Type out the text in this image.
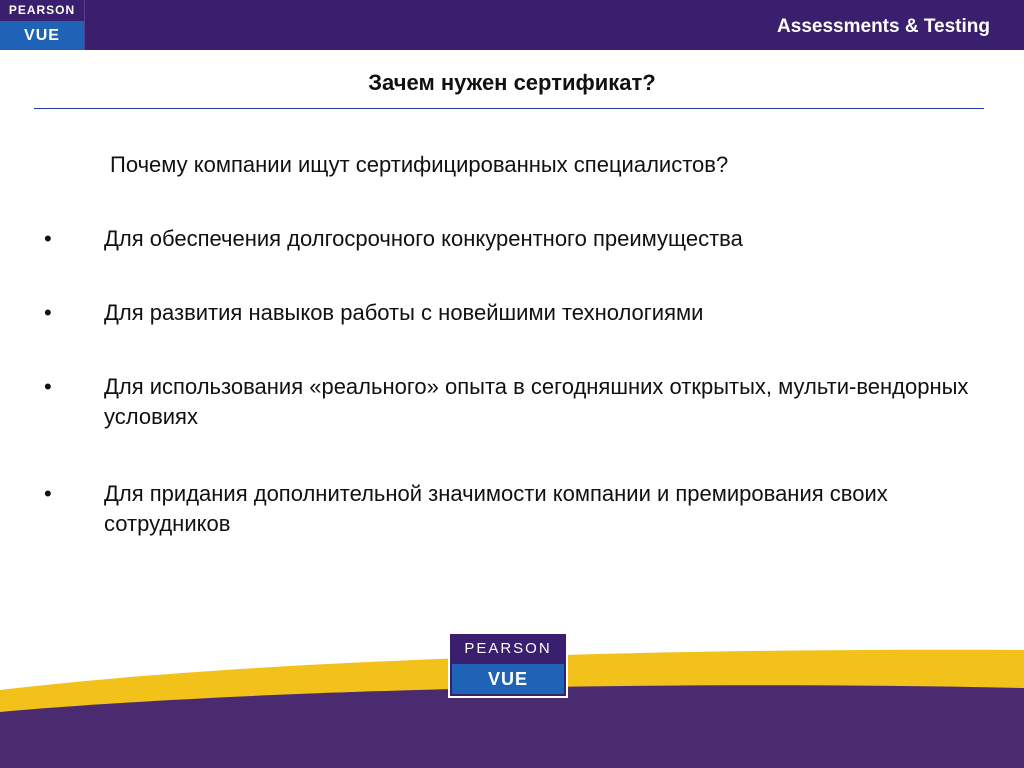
PEARSON
VUE	Assessments & Testing
Зачем нужен сертификат?
Почему компании ищут сертифицированных специалистов?
• Для обеспечения долгосрочного конкурентного преимущества
• Для развития навыков работы с новейшими технологиями
• Для использования «реального» опыта в сегодняшних открытых, мульти-вендорных условиях
• Для придания дополнительной значимости компании и премирования своих сотрудников
PEARSON
VUE
